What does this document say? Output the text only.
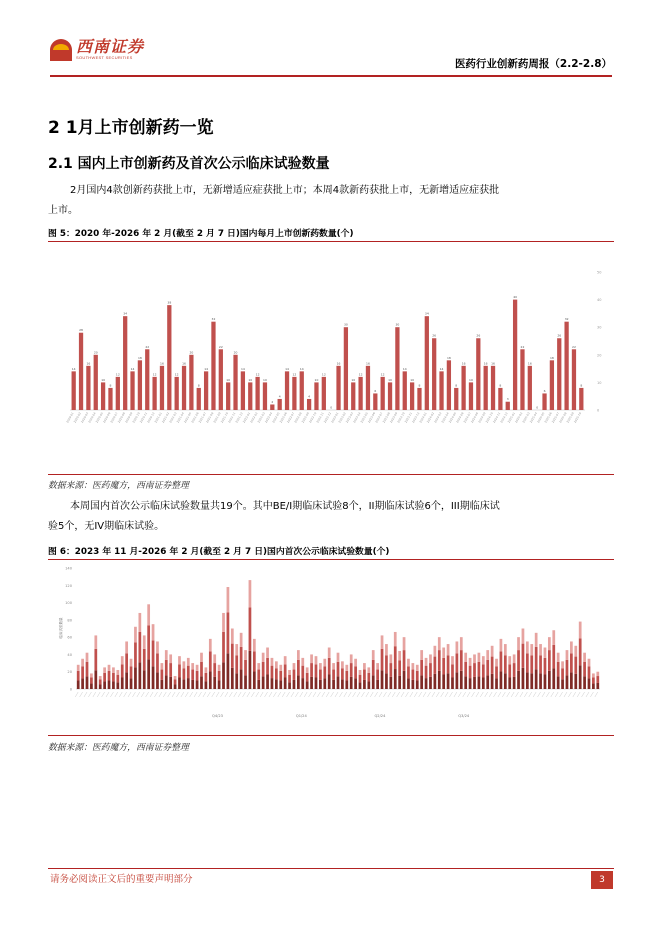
西南证券
SOUTHWEST SECURITIES
医药行业创新药周报（2.2-2.8）
2 1月上市创新药一览
2.1 国内上市创新药及首次公示临床试验数量
2月国内4款创新药获批上市，无新增适应症获批上市；本周4款新药获批上市，无新增适应症获批上市。
图 5：2020 年-2026 年 2 月(截至 2 月 7 日)国内每月上市创新药数量(个)
0
10
20
30
40
50
14
2020-01
28
2020-02
16
2020-03
20
2020-04
10
2020-05
8
2020-06
12
2020-07
34
2020-08
14
2020-09
18
2020-10
22
2020-11
12
2020-12
16
2021-01
38
2021-02
12
2021-03
16
2021-04
20
2021-05
8
2021-06
14
2021-07
32
2021-08
22
2021-09
10
2021-10
20
2021-11
14
2021-12
10
2022-01
12
2022-02
10
2022-03
2
2022-04
4
2022-05
14
2022-06
12
2022-07
14
2022-08
4
2022-09
10
2022-10
12
2022-11
0
2022-12
16
2023-01
30
2023-02
10
2023-03
12
2023-04
16
2023-05
6
2023-06
12
2023-07
10
2023-08
30
2023-09
14
2023-10
10
2023-11
8
2023-12
34
2024-01
26
2024-02
14
2024-03
18
2024-04
8
2024-05
16
2024-06
10
2024-07
26
2024-08
16
2024-09
16
2024-10
8
2024-11
3
2024-12
40
2025-01
22
2025-02
16
2025-03
0
2025-04
6
2025-05
18
2025-06
26
2025-07
32
2025-08
22
2025-09
8
2025-10
数据来源：医药魔方，西南证券整理
本周国内首次公示临床试验数量共19个。其中BE/I期临床试验8个，II期临床试验6个，III期临床试验5个，无IV期临床试验。
图 6：2023 年 11 月-2026 年 2 月(截至 2 月 7 日)国内首次公示临床试验数量(个)
0
20
40
60
80
100
120
140
临床试验数量
Q4/23	Q1/24	Q2/24	Q3/24
数据来源：医药魔方，西南证券整理
请务必阅读正文后的重要声明部分	3
